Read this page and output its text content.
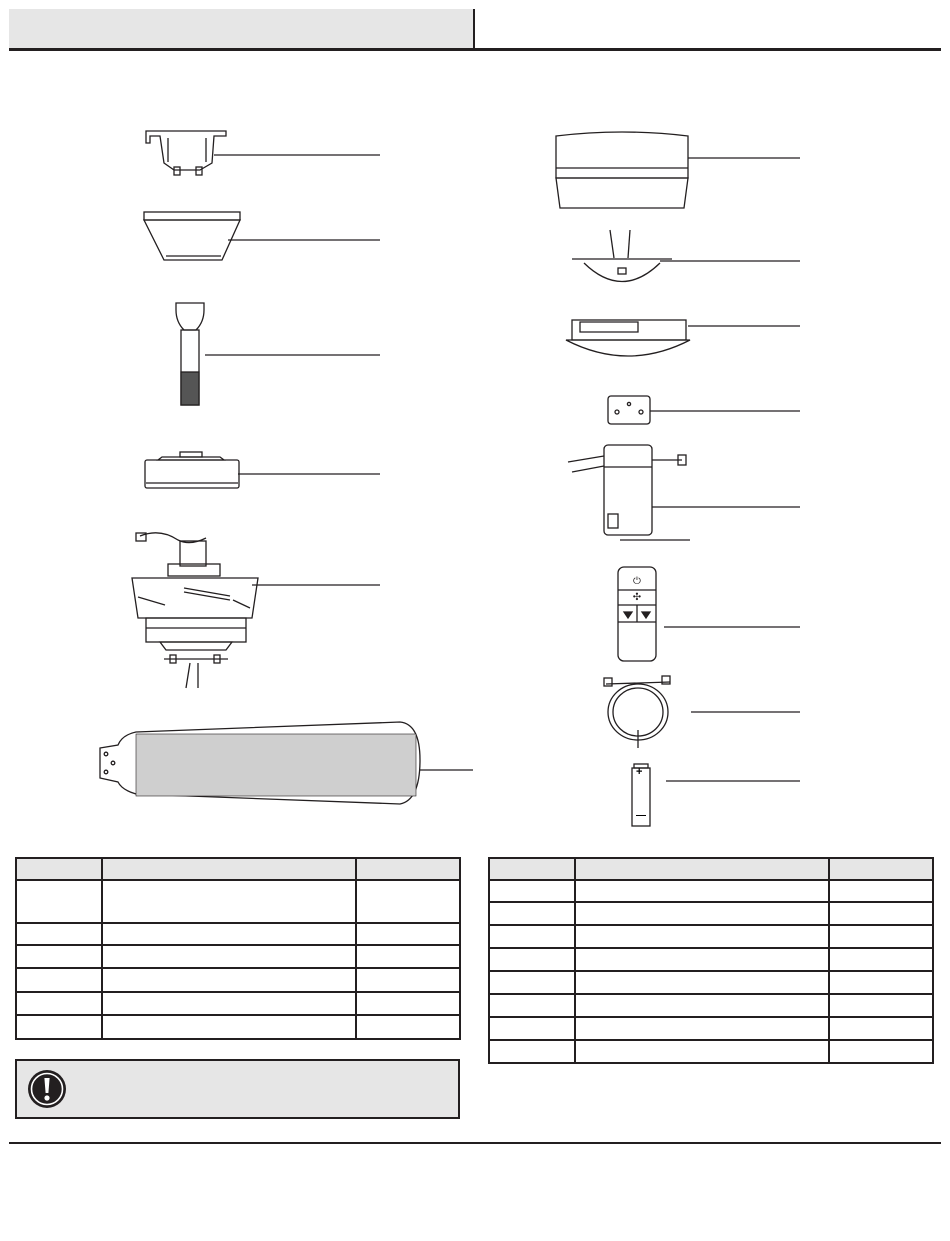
⏻
✣
+
—
